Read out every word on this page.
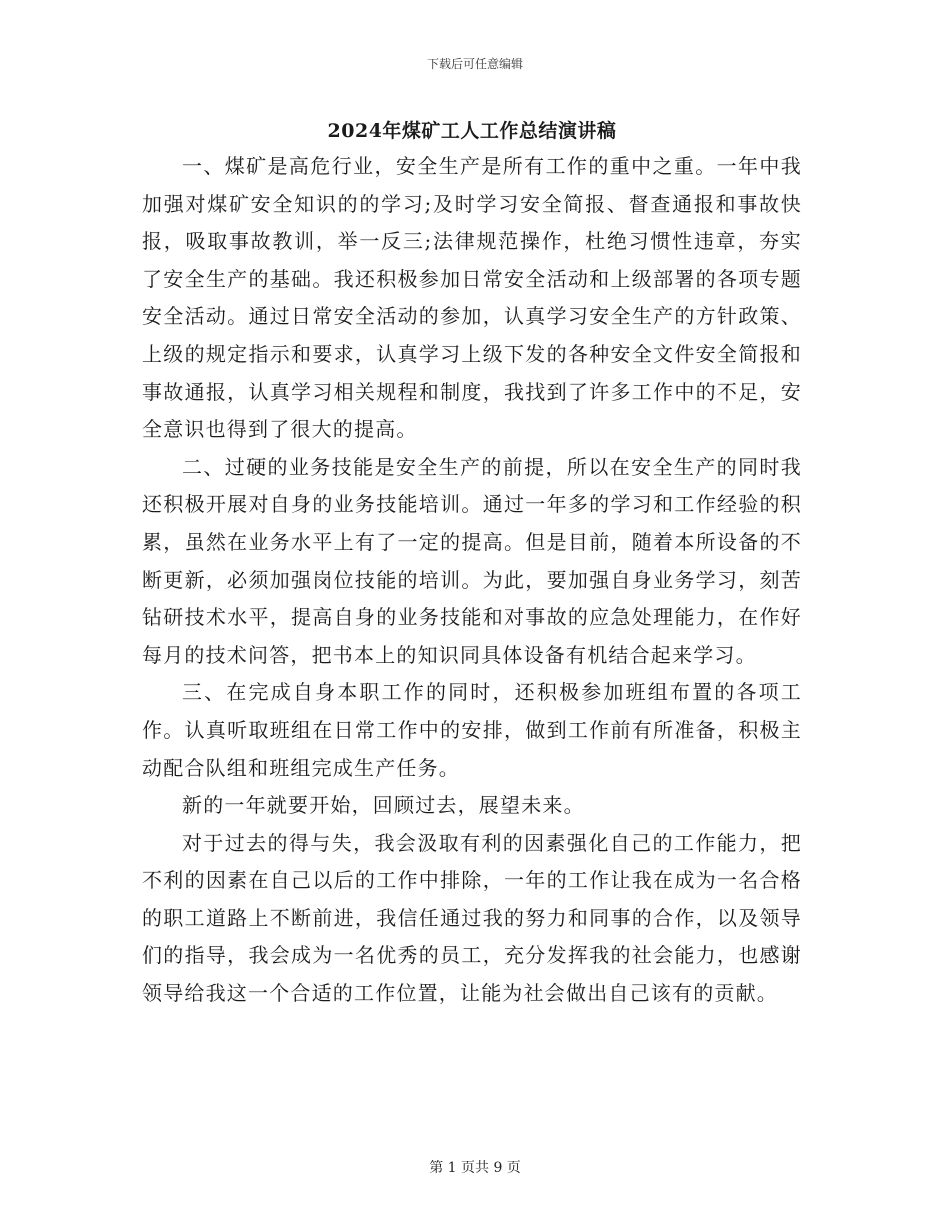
下载后可任意编辑
2024年煤矿工人工作总结演讲稿

一、煤矿是高危行业，安全生产是所有工作的重中之重。一年中我加强对煤矿安全知识的的学习;及时学习安全简报、督查通报和事故快报，吸取事故教训，举一反三;法律规范操作，杜绝习惯性违章，夯实了安全生产的基础。我还积极参加日常安全活动和上级部署的各项专题安全活动。通过日常安全活动的参加，认真学习安全生产的方针政策、上级的规定指示和要求，认真学习上级下发的各种安全文件安全简报和事故通报，认真学习相关规程和制度，我找到了许多工作中的不足，安全意识也得到了很大的提高。

二、过硬的业务技能是安全生产的前提，所以在安全生产的同时我还积极开展对自身的业务技能培训。通过一年多的学习和工作经验的积累，虽然在业务水平上有了一定的提高。但是目前，随着本所设备的不断更新，必须加强岗位技能的培训。为此，要加强自身业务学习，刻苦钻研技术水平，提高自身的业务技能和对事故的应急处理能力，在作好每月的技术问答，把书本上的知识同具体设备有机结合起来学习。

三、在完成自身本职工作的同时，还积极参加班组布置的各项工作。认真听取班组在日常工作中的安排，做到工作前有所准备，积极主动配合队组和班组完成生产任务。

新的一年就要开始，回顾过去，展望未来。

对于过去的得与失，我会汲取有利的因素强化自己的工作能力，把不利的因素在自己以后的工作中排除，一年的工作让我在成为一名合格的职工道路上不断前进，我信任通过我的努力和同事的合作，以及领导们的指导，我会成为一名优秀的员工，充分发挥我的社会能力，也感谢领导给我这一个合适的工作位置，让能为社会做出自己该有的贡献。

第 1 页共 9 页
